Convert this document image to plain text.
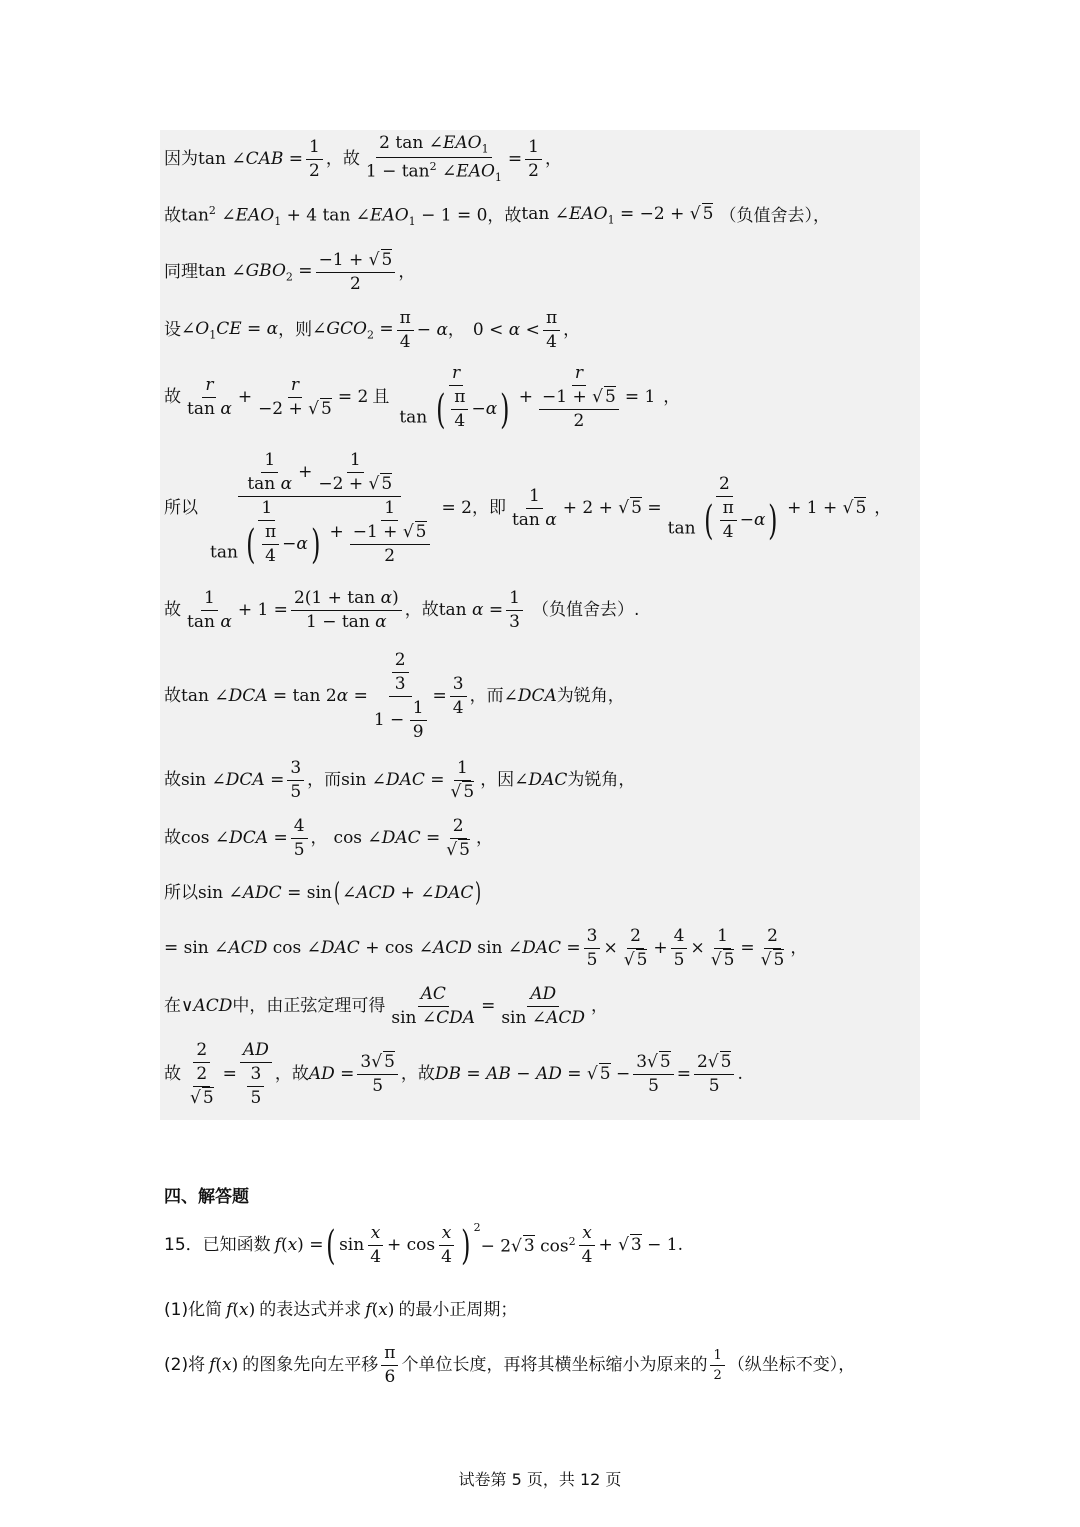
因为 tan ∠CAB = $\frac{1}{2}$ ，故
2 $\tan \angle EAO_1$
$1 - \tan^2$ $\angle EAO_1$
= $\frac{1}{2}$ ，
故 $\tan^2$ $\angle EAO_1 + 4$ $\tan \angle EAO_1 - 1 = 0$ ，故 $\tan \angle EAO_1 = -2$ + √ 5 （负值舍去），
同理 $\tan \angle GBO_2 = \frac{-1 + √ 5}{2}$ ，
设 $\angle O_1CE = \alpha$ ，则 $\angle GCO_2 = \frac{\pi}{4} - \alpha$ ， 0 < α <
π
4
，
故
r
tan α
+ $\frac{r}{-2 + √ 5} = 2$ 且
r
tan ( π
4
− α ) + $\frac{r}{\frac{-1 + √ 5}{2}} = 1$ ，
所以 $\frac{1}{\text{tan α}} + \frac{1}{-2 + √ 5}$
1
tan ( π
4
− α ) + $\frac{1}{\frac{-1 + √ 5}{2}} = 2$ ，即
1
tan α
+ 2 + √ 5 = 2
tan ( π
4
− α ) + 1 + √ 5 ，
故
1
tan α
+ $1 = \frac{\text{2(1 + tan α)}}{\text{1 − tan α}}$ ，故 $\tan \alpha = \frac{1}{3}$ （负值舍去）.
故 tan ∠DCA = $\tan 2\alpha = \frac{\frac{2}{3}}{1 - \frac{1}{9}} = \frac{3}{4}$ ，而 ∠DCA 为锐角，
故 sin ∠DCA = $\frac{3}{5}$ ，而 sin ∠DAC = $\frac{1}{√ 5}$ ，因 ∠DAC 为锐角，
故 cos ∠DCA = $\frac{4}{5}$ ， cos ∠DAC = $\frac{2}{√ 5}$ ，
所以 sin ∠ADC = sin ( ∠ACD + ∠DAC )
= sin ∠ACD cos ∠DAC + cos ∠ACD sin ∠DAC = $\frac{3}{5}$ ×
2
√ 5
+
4
5
×
1
√ 5
=
2
√ 5
，
在 ∨ACD 中，由正弦定理可得
AC
sin ∠CDA
=
AD
sin ∠ACD
，
故 $\frac{2}{\frac{2}{√ 5}} = \frac{AD}{\frac{3}{5}}$ ，故 AD = $\frac{3√ 5}{5}$ ，故 DB = AB − AD = √ $5 - \frac{3√ 5}{5} = \frac{2√ 5}{5}$ .
四、解答题
15．已知函数 f(x) = ( sin
x
4
+ cos
x
4 ) 2
− 2√ 3 $\cos^2 x$
4
+ √ 3 − 1.
(1)化简 f(x) 的表达式并求 f(x) 的最小正周期；
(2)将 f(x) 的图象先向左平移
π
6
个单位长度，再将其横坐标缩小为原来的 1
2
（纵坐标不变），
试卷第 5 页，共 12 页
